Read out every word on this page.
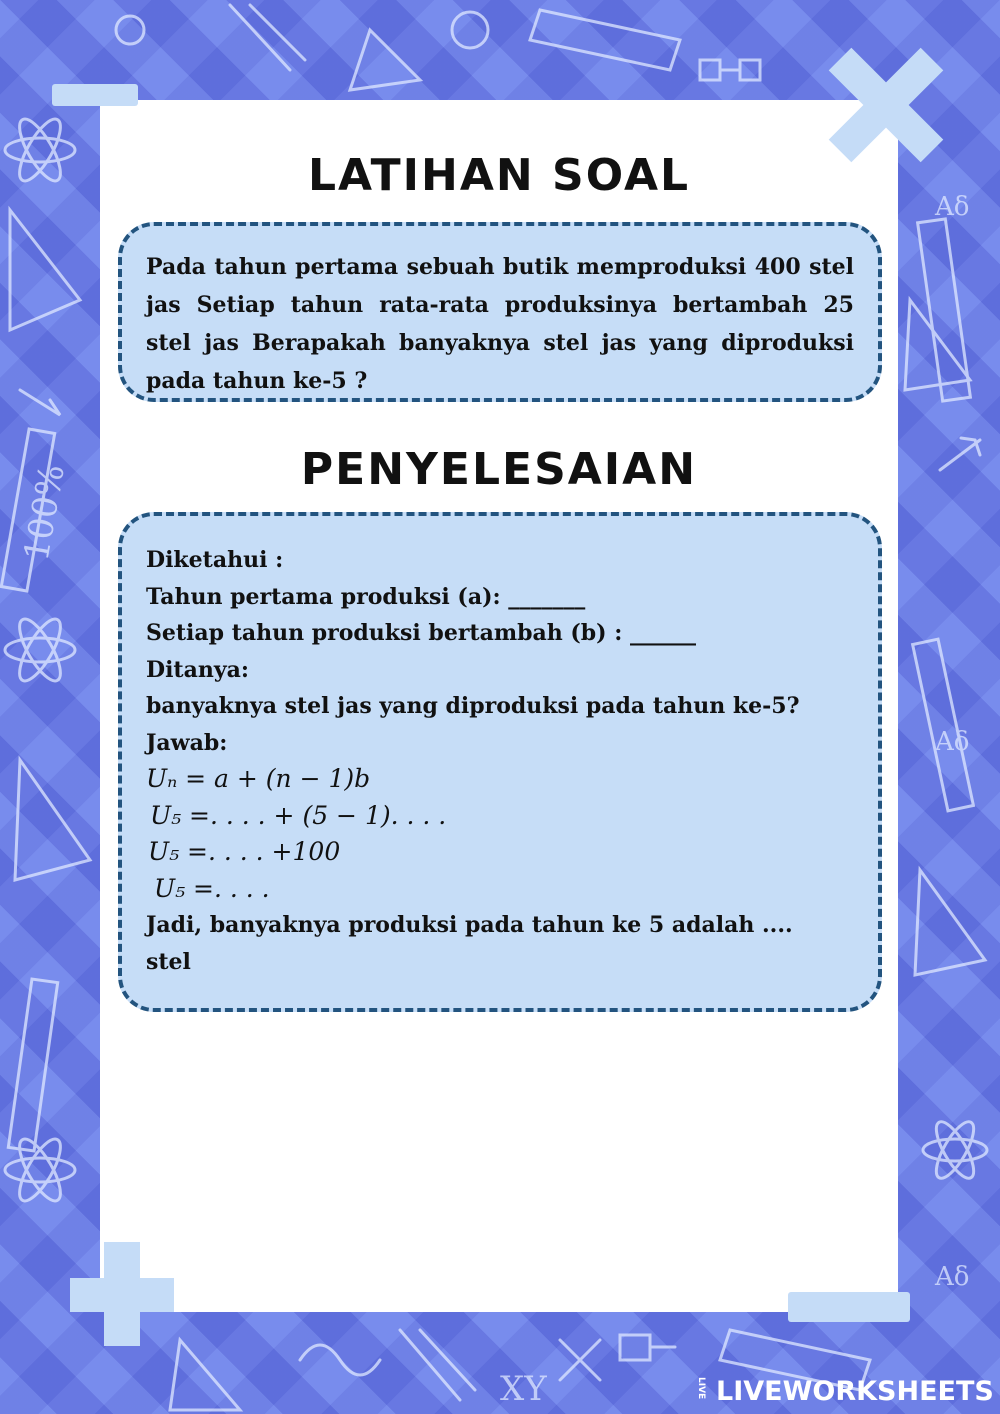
100%
Aδ
Aδ
Aδ
XY
LATIHAN SOAL
Pada tahun pertama sebuah butik memproduksi 400 stel jas Setiap tahun rata-rata produksinya bertambah 25 stel jas Berapakah banyaknya stel jas yang diproduksi pada tahun ke-5 ?
PENYELESAIAN
Diketahui :
Tahun pertama produksi (a): _______
Setiap tahun produksi bertambah (b) : ______
Ditanya:
banyaknya stel jas yang diproduksi pada tahun ke-5?
Jawab:
Uₙ = a + (n − 1)b
U₅ =. . . . + (5 − 1). . . .
U₅ =. . . . +100
U₅ =. . . .
Jadi, banyaknya produksi pada tahun ke 5 adalah ....
stel
LIVE LIVEWORKSHEETS
